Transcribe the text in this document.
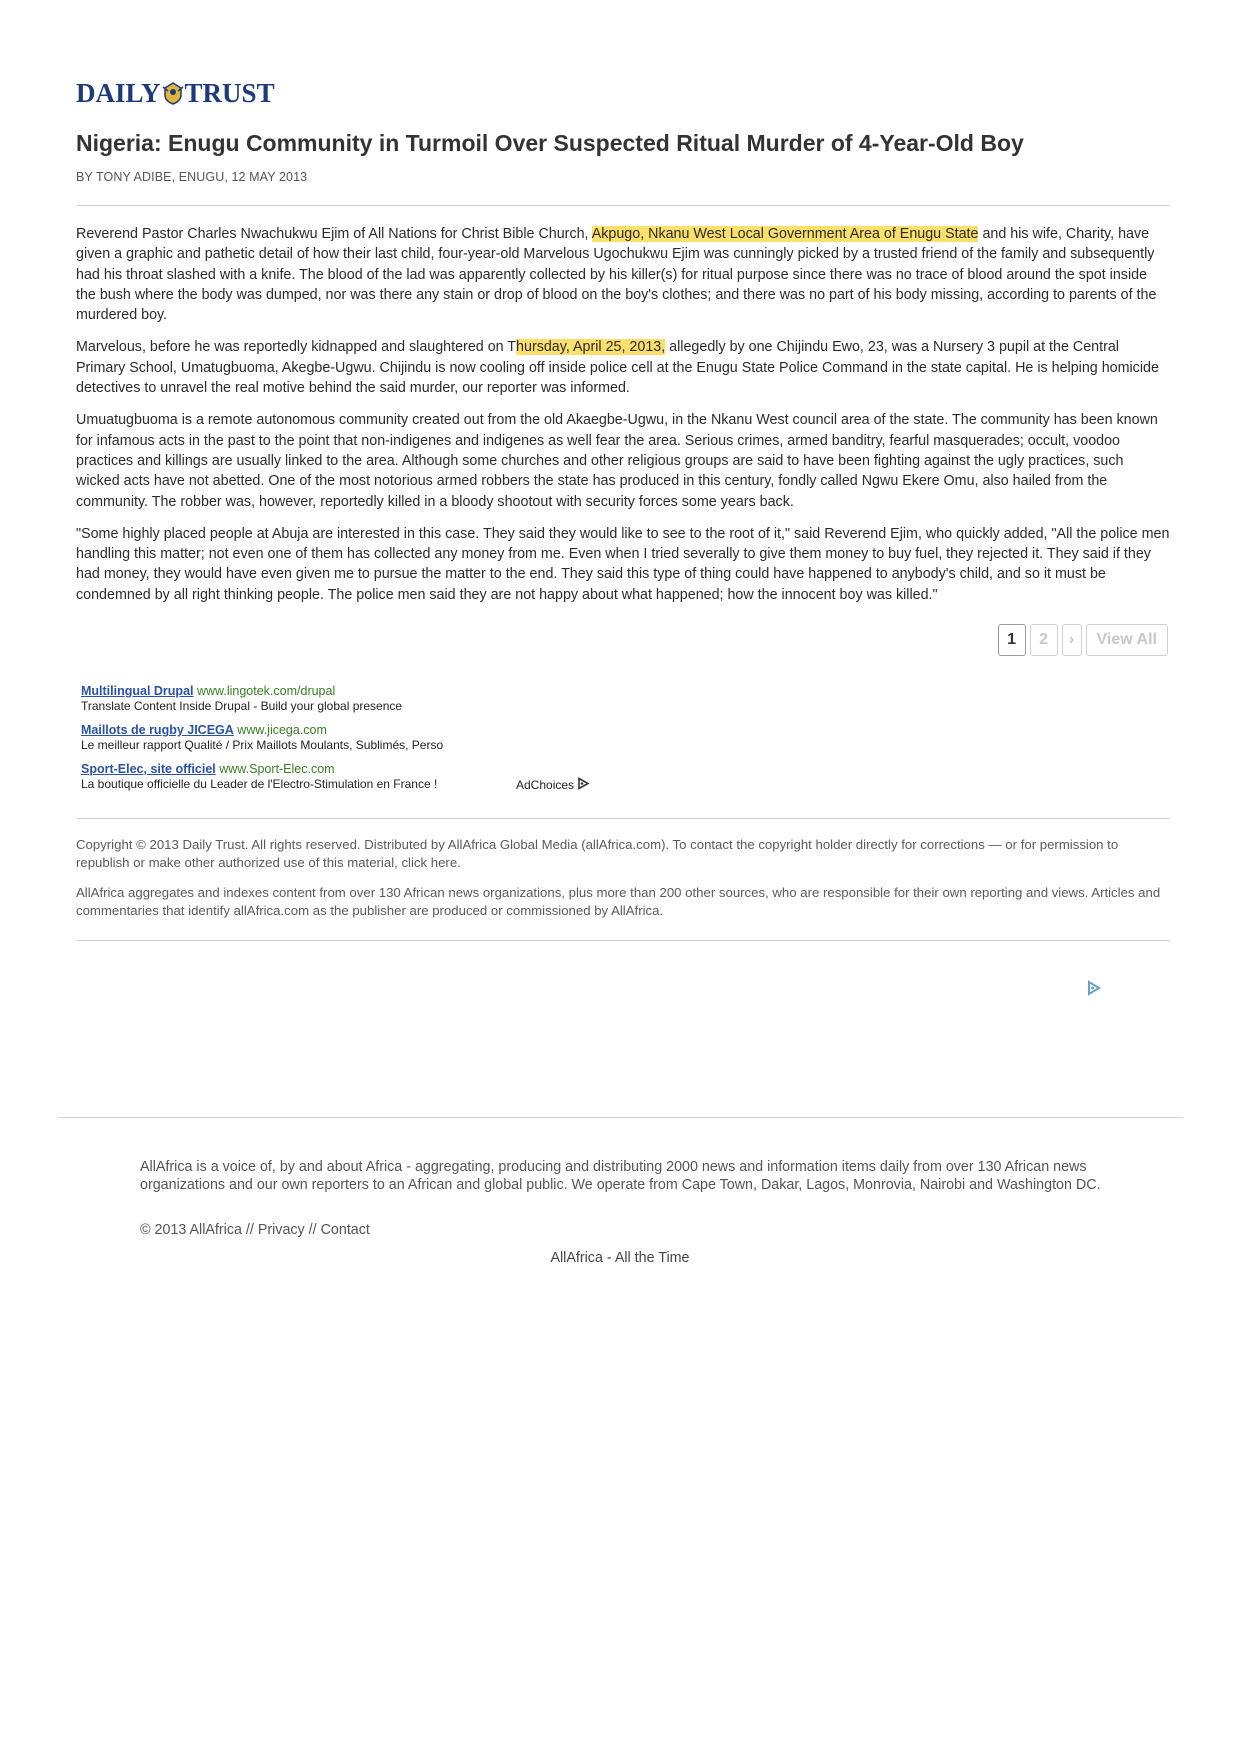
DAILY TRUST
Nigeria: Enugu Community in Turmoil Over Suspected Ritual Murder of 4-Year-Old Boy
BY TONY ADIBE, ENUGU, 12 MAY 2013

Reverend Pastor Charles Nwachukwu Ejim of All Nations for Christ Bible Church, Akpugo, Nkanu West Local Government Area of Enugu State and his wife, Charity, have given a graphic and pathetic detail of how their last child, four-year-old Marvelous Ugochukwu Ejim was cunningly picked by a trusted friend of the family and subsequently had his throat slashed with a knife. The blood of the lad was apparently collected by his killer(s) for ritual purpose since there was no trace of blood around the spot inside the bush where the body was dumped, nor was there any stain or drop of blood on the boy's clothes; and there was no part of his body missing, according to parents of the murdered boy.

Marvelous, before he was reportedly kidnapped and slaughtered on Thursday, April 25, 2013, allegedly by one Chijindu Ewo, 23, was a Nursery 3 pupil at the Central Primary School, Umatugbuoma, Akegbe-Ugwu. Chijindu is now cooling off inside police cell at the Enugu State Police Command in the state capital. He is helping homicide detectives to unravel the real motive behind the said murder, our reporter was informed.

Umuatugbuoma is a remote autonomous community created out from the old Akaegbe-Ugwu, in the Nkanu West council area of the state. The community has been known for infamous acts in the past to the point that non-indigenes and indigenes as well fear the area. Serious crimes, armed banditry, fearful masquerades; occult, voodoo practices and killings are usually linked to the area. Although some churches and other religious groups are said to have been fighting against the ugly practices, such wicked acts have not abetted. One of the most notorious armed robbers the state has produced in this century, fondly called Ngwu Ekere Omu, also hailed from the community. The robber was, however, reportedly killed in a bloody shootout with security forces some years back.

"Some highly placed people at Abuja are interested in this case. They said they would like to see to the root of it," said Reverend Ejim, who quickly added, "All the police men handling this matter; not even one of them has collected any money from me. Even when I tried severally to give them money to buy fuel, they rejected it. They said if they had money, they would have even given me to pursue the matter to the end. They said this type of thing could have happened to anybody's child, and so it must be condemned by all right thinking people. The police men said they are not happy about what happened; how the innocent boy was killed."

1	2	›	View All
Multilingual Drupal www.lingotek.com/drupal
Translate Content Inside Drupal - Build your global presence
Maillots de rugby JICEGA www.jicega.com
Le meilleur rapport Qualité / Prix Maillots Moulants, Sublimés, Perso
Sport-Elec, site officiel www.Sport-Elec.com
La boutique officielle du Leader de l'Electro-Stimulation en France !	AdChoices

Copyright © 2013 Daily Trust. All rights reserved. Distributed by AllAfrica Global Media (allAfrica.com). To contact the copyright holder directly for corrections — or for permission to republish or make other authorized use of this material, click here.

AllAfrica aggregates and indexes content from over 130 African news organizations, plus more than 200 other sources, who are responsible for their own reporting and views. Articles and commentaries that identify allAfrica.com as the publisher are produced or commissioned by AllAfrica.

AllAfrica is a voice of, by and about Africa - aggregating, producing and distributing 2000 news and information items daily from over 130 African news organizations and our own reporters to an African and global public. We operate from Cape Town, Dakar, Lagos, Monrovia, Nairobi and Washington DC.

© 2013 AllAfrica // Privacy // Contact
AllAfrica - All the Time
